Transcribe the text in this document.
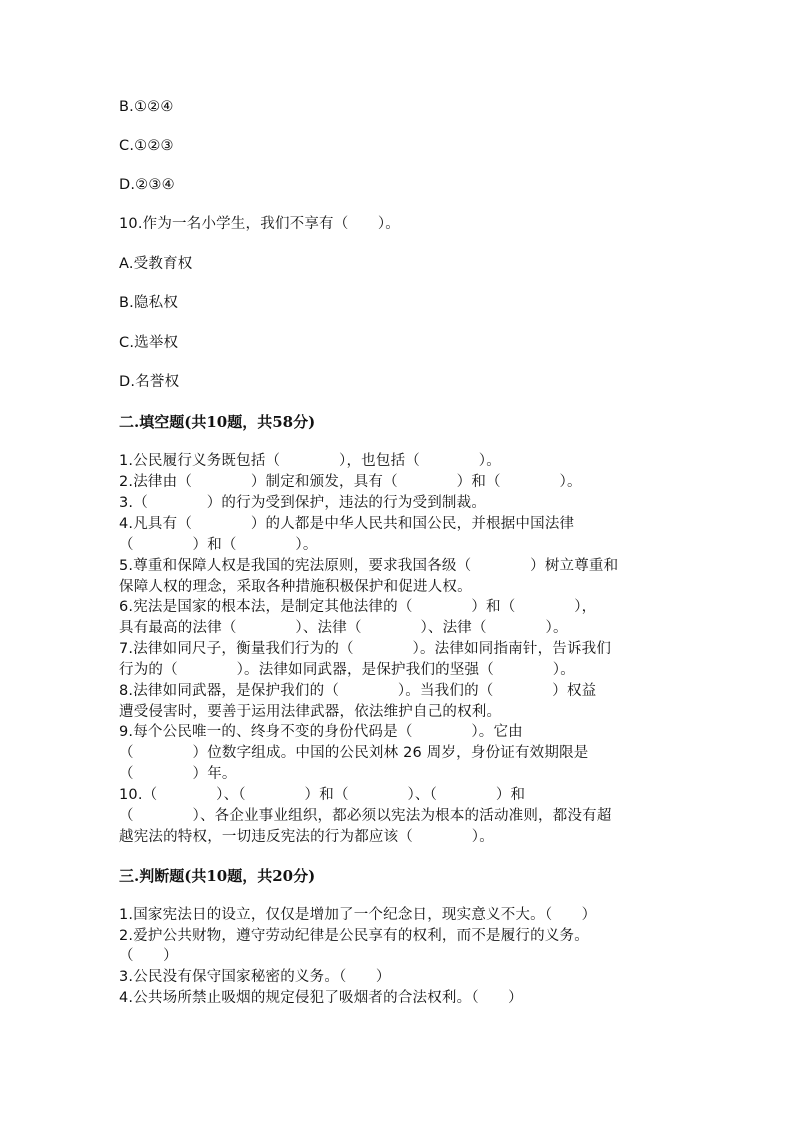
B.①②④
C.①②③
D.②③④
10.作为一名小学生，我们不享有（　　）。
A.受教育权
B.隐私权
C.选举权
D.名誉权
二.填空题(共10题，共58分)
1.公民履行义务既包括（　　　　），也包括（　　　　）。
2.法律由（　　　　）制定和颁发，具有（　　　　）和（　　　　）。
3.（　　　　）的行为受到保护，违法的行为受到制裁。
4.凡具有（　　　　）的人都是中华人民共和国公民，并根据中国法律
（　　　　）和（　　　　）。
5.尊重和保障人权是我国的宪法原则，要求我国各级（　　　　）树立尊重和
保障人权的理念，采取各种措施积极保护和促进人权。
6.宪法是国家的根本法，是制定其他法律的（　　　　）和（　　　　），
具有最高的法律（　　　　）、法律（　　　　）、法律（　　　　）。
7.法律如同尺子，衡量我们行为的（　　　　）。法律如同指南针，告诉我们
行为的（　　　　）。法律如同武器，是保护我们的坚强（　　　　）。
8.法律如同武器，是保护我们的（　　　　）。当我们的（　　　　）权益
遭受侵害时，要善于运用法律武器，依法维护自己的权利。
9.每个公民唯一的、终身不变的身份代码是（　　　　）。它由
（　　　　）位数字组成。中国的公民刘林 26 周岁，身份证有效期限是
（　　　　）年。
10.（　　　　）、（　　　　）和（　　　　）、（　　　　）和
（　　　　）、各企业事业组织，都必须以宪法为根本的活动准则，都没有超
越宪法的特权，一切违反宪法的行为都应该（　　　　）。
三.判断题(共10题，共20分)
1.国家宪法日的设立，仅仅是增加了一个纪念日，现实意义不大。（　　）
2.爱护公共财物，遵守劳动纪律是公民享有的权利，而不是履行的义务。
（　　）
3.公民没有保守国家秘密的义务。（　　）
4.公共场所禁止吸烟的规定侵犯了吸烟者的合法权利。（　　）
